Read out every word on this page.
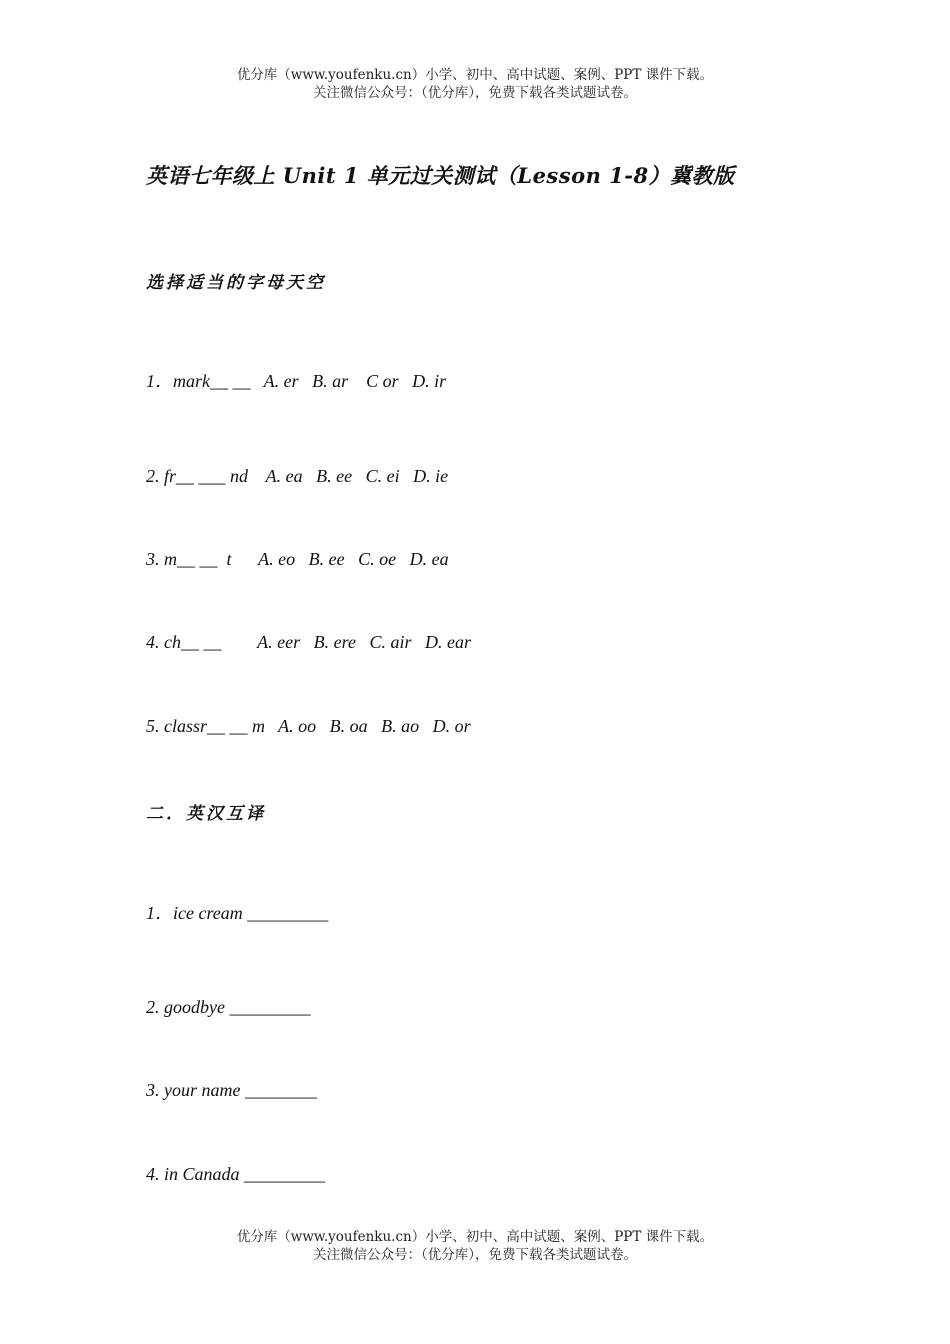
优分库（www.youfenku.cn）小学、初中、高中试题、案例、PPT 课件下载。
关注微信公众号：（优分库），免费下载各类试题试卷。
英语七年级上 Unit 1 单元过关测试（Lesson 1-8）冀教版
选择适当的字母天空
1．mark__ __   A. er   B. ar    C or   D. ir
2. fr__ ___ nd    A. ea   B. ee   C. ei   D. ie
3. m__ __  t      A. eo   B. ee   C. oe   D. ea
4. ch__ __        A. eer   B. ere   C. air   D. ear
5. classr__ __ m   A. oo   B. oa   B. ao   D. or
二．英汉互译
1．ice cream _________
2. goodbye _________
3. your name ________
4. in Canada _________
优分库（www.youfenku.cn）小学、初中、高中试题、案例、PPT 课件下载。
关注微信公众号：（优分库），免费下载各类试题试卷。
